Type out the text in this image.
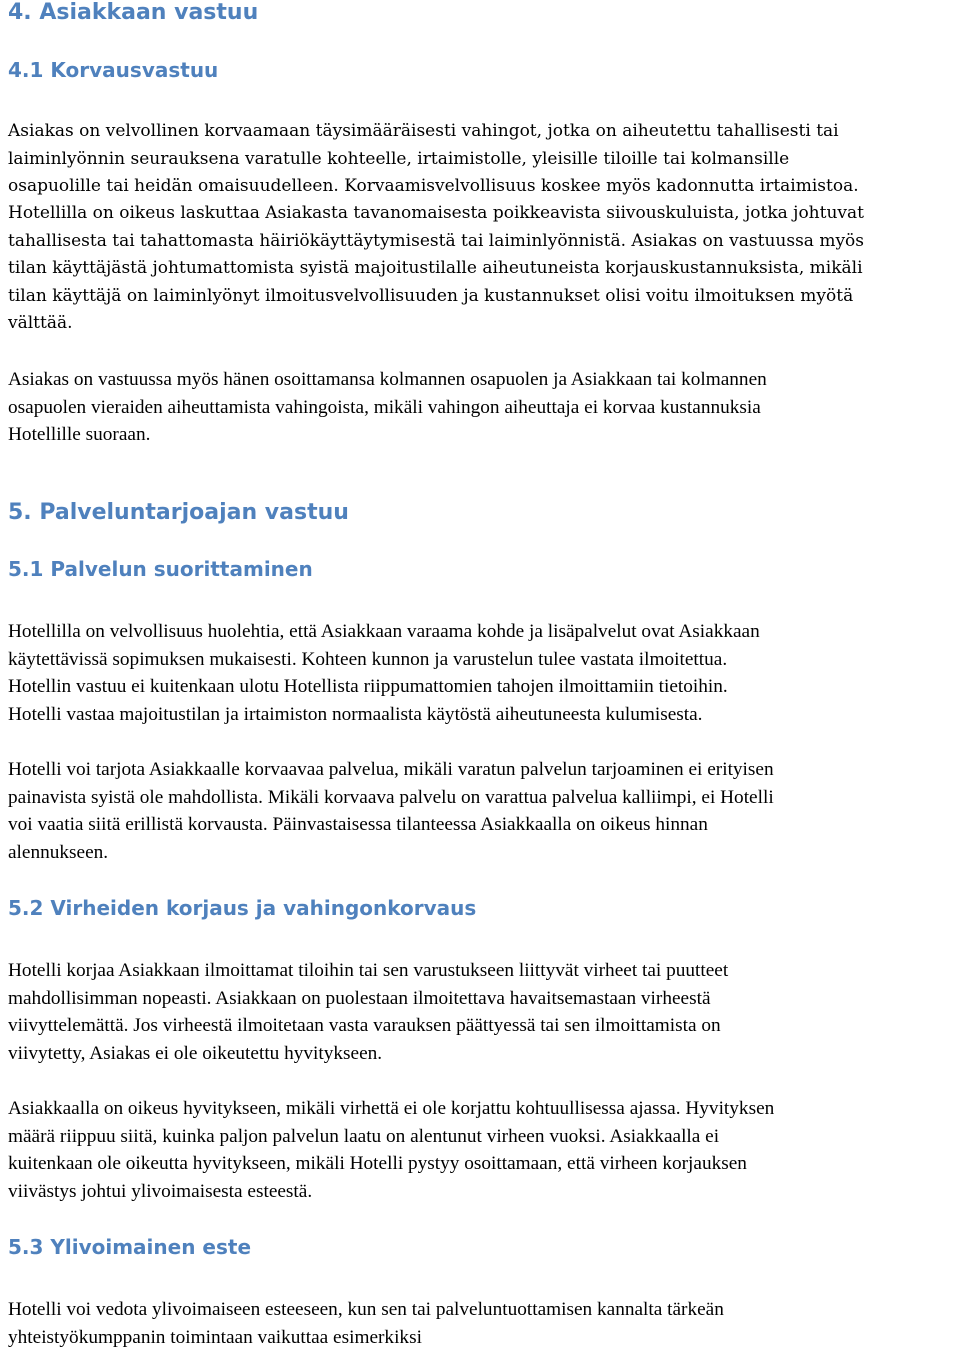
4. Asiakkaan vastuu
4.1 Korvausvastuu
Asiakas on velvollinen korvaamaan täysimääräisesti vahingot, jotka on aiheutettu tahallisesti tai
laiminlyönnin seurauksena varatulle kohteelle, irtaimistolle, yleisille tiloille tai kolmansille
osapuolille tai heidän omaisuudelleen. Korvaamisvelvollisuus koskee myös kadonnutta irtaimistoa.
Hotellilla on oikeus laskuttaa Asiakasta tavanomaisesta poikkeavista siivouskuluista, jotka johtuvat
tahallisesta tai tahattomasta häiriökäyttäytymisestä tai laiminlyönnistä. Asiakas on vastuussa myös
tilan käyttäjästä johtumattomista syistä majoitustilalle aiheutuneista korjauskustannuksista, mikäli
tilan käyttäjä on laiminlyönyt ilmoitusvelvollisuuden ja kustannukset olisi voitu ilmoituksen myötä
välttää.
Asiakas on vastuussa myös hänen osoittamansa kolmannen osapuolen ja Asiakkaan tai kolmannen
osapuolen vieraiden aiheuttamista vahingoista, mikäli vahingon aiheuttaja ei korvaa kustannuksia
Hotellille suoraan.
5. Palveluntarjoajan vastuu
5.1 Palvelun suorittaminen
Hotellilla on velvollisuus huolehtia, että Asiakkaan varaama kohde ja lisäpalvelut ovat Asiakkaan
käytettävissä sopimuksen mukaisesti. Kohteen kunnon ja varustelun tulee vastata ilmoitettua.
Hotellin vastuu ei kuitenkaan ulotu Hotellista riippumattomien tahojen ilmoittamiin tietoihin.
Hotelli vastaa majoitustilan ja irtaimiston normaalista käytöstä aiheutuneesta kulumisesta.
Hotelli voi tarjota Asiakkaalle korvaavaa palvelua, mikäli varatun palvelun tarjoaminen ei erityisen
painavista syistä ole mahdollista. Mikäli korvaava palvelu on varattua palvelua kalliimpi, ei Hotelli
voi vaatia siitä erillistä korvausta. Päinvastaisessa tilanteessa Asiakkaalla on oikeus hinnan
alennukseen.
5.2 Virheiden korjaus ja vahingonkorvaus
Hotelli korjaa Asiakkaan ilmoittamat tiloihin tai sen varustukseen liittyvät virheet tai puutteet
mahdollisimman nopeasti. Asiakkaan on puolestaan ilmoitettava havaitsemastaan virheestä
viivyttelemättä. Jos virheestä ilmoitetaan vasta varauksen päättyessä tai sen ilmoittamista on
viivytetty, Asiakas ei ole oikeutettu hyvitykseen.
Asiakkaalla on oikeus hyvitykseen, mikäli virhettä ei ole korjattu kohtuullisessa ajassa. Hyvityksen
määrä riippuu siitä, kuinka paljon palvelun laatu on alentunut virheen vuoksi. Asiakkaalla ei
kuitenkaan ole oikeutta hyvitykseen, mikäli Hotelli pystyy osoittamaan, että virheen korjauksen
viivästys johtui ylivoimaisesta esteestä.
5.3 Ylivoimainen este
Hotelli voi vedota ylivoimaiseen esteeseen, kun sen tai palveluntuottamisen kannalta tärkeän
yhteistyökumppanin toimintaan vaikuttaa esimerkiksi
